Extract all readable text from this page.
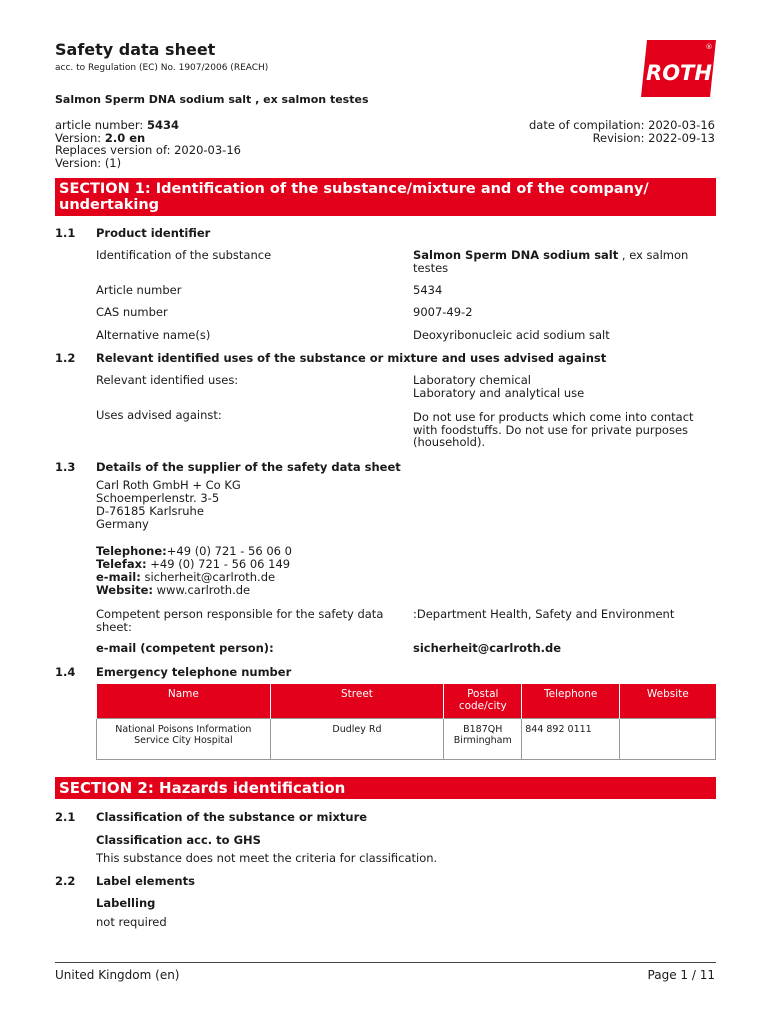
Safety data sheet
acc. to Regulation (EC) No. 1907/2006 (REACH)	ROTH
®
Salmon Sperm DNA sodium salt , ex salmon testes
article number: 5434
Version: 2.0 en
Replaces version of: 2020-03-16
Version: (1)
date of compilation: 2020-03-16
Revision: 2022-09-13
SECTION 1: Identification of the substance/mixture and of the company/ undertaking
1.1 Product identifier
Identification of the substance	Salmon Sperm DNA sodium salt , ex salmon testes
Article number	5434
CAS number	9007-49-2
Alternative name(s)	Deoxyribonucleic acid sodium salt
1.2 Relevant identified uses of the substance or mixture and uses advised against
Relevant identified uses:	Laboratory chemical
Laboratory and analytical use
Uses advised against:	Do not use for products which come into contact with foodstuffs. Do not use for private purposes (household).
1.3 Details of the supplier of the safety data sheet
Carl Roth GmbH + Co KG
Schoemperlenstr. 3-5
D-76185 Karlsruhe
Germany
Telephone:+49 (0) 721 - 56 06 0
Telefax: +49 (0) 721 - 56 06 149
e-mail: sicherheit@carlroth.de
Website: www.carlroth.de
Competent person responsible for the safety data sheet:
:Department Health, Safety and Environment
e-mail (competent person):	sicherheit@carlroth.de
1.4 Emergency telephone number
Name	Street	Postal code/city	Telephone	Website
National Poisons Information Service City Hospital	Dudley Rd	B187QH Birmingham	844 892 0111	
SECTION 2: Hazards identification
2.1 Classification of the substance or mixture
Classification acc. to GHS
This substance does not meet the criteria for classification.
2.2 Label elements
Labelling
not required
United Kingdom (en)	Page 1 / 11
